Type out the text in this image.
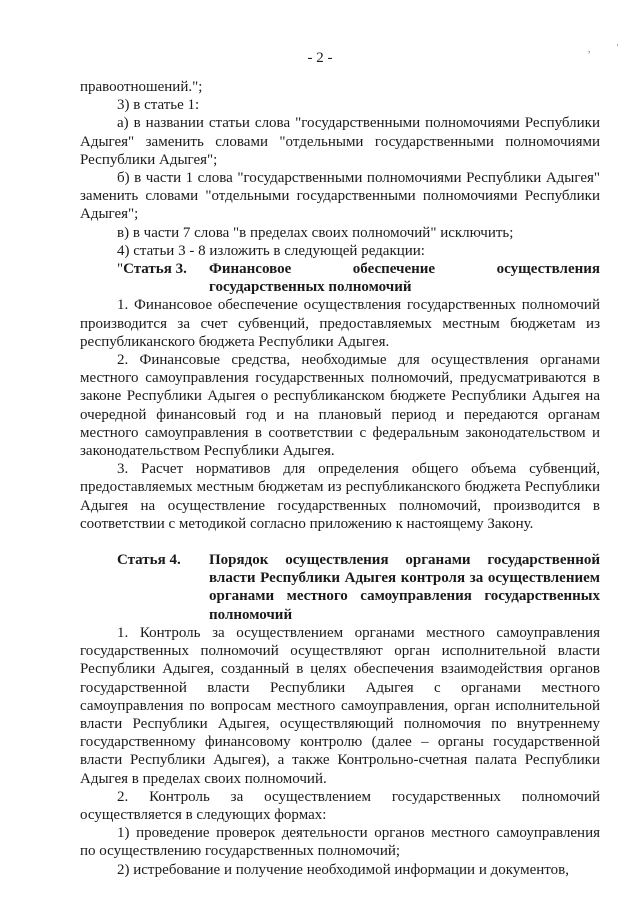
- 2 -
,	·

правоотношений.";

3) в статье 1:

а) в названии статьи слова "государственными полномочиями Республики Адыгея" заменить словами "отдельными государственными полномочиями Республики Адыгея";

б) в части 1 слова "государственными полномочиями Республики Адыгея" заменить словами "отдельными государственными полномочиями Республики Адыгея";

в) в части 7 слова "в пределах своих полномочий" исключить;

4) статьи 3 - 8 изложить в следующей редакции:

"Статья 3.	Финансовое обеспечение осуществления государственных полномочий

1. Финансовое обеспечение осуществления государственных полномочий производится за счет субвенций, предоставляемых местным бюджетам из республиканского бюджета Республики Адыгея.

2. Финансовые средства, необходимые для осуществления органами местного самоуправления государственных полномочий, предусматриваются в законе Республики Адыгея о республиканском бюджете Республики Адыгея на очередной финансовый год и на плановый период и передаются органам местного самоуправления в соответствии с федеральным законодательством и законодательством Республики Адыгея.

3. Расчет нормативов для определения общего объема субвенций, предоставляемых местным бюджетам из республиканского бюджета Республики Адыгея на осуществление государственных полномочий, производится в соответствии с методикой согласно приложению к настоящему Закону.

Статья 4.	Порядок осуществления органами государственной власти Республики Адыгея контроля за осуществлением органами местного самоуправления государственных полномочий

1. Контроль за осуществлением органами местного самоуправления государственных полномочий осуществляют орган исполнительной власти Республики Адыгея, созданный в целях обеспечения взаимодействия органов государственной власти Республики Адыгея с органами местного самоуправления по вопросам местного самоуправления, орган исполнительной власти Республики Адыгея, осуществляющий полномочия по внутреннему государственному финансовому контролю (далее – органы государственной власти Республики Адыгея), а также Контрольно-счетная палата Республики Адыгея в пределах своих полномочий.

2. Контроль за осуществлением государственных полномочий осуществляется в следующих формах:

1) проведение проверок деятельности органов местного самоуправления по осуществлению государственных полномочий;

2) истребование и получение необходимой информации и документов,
